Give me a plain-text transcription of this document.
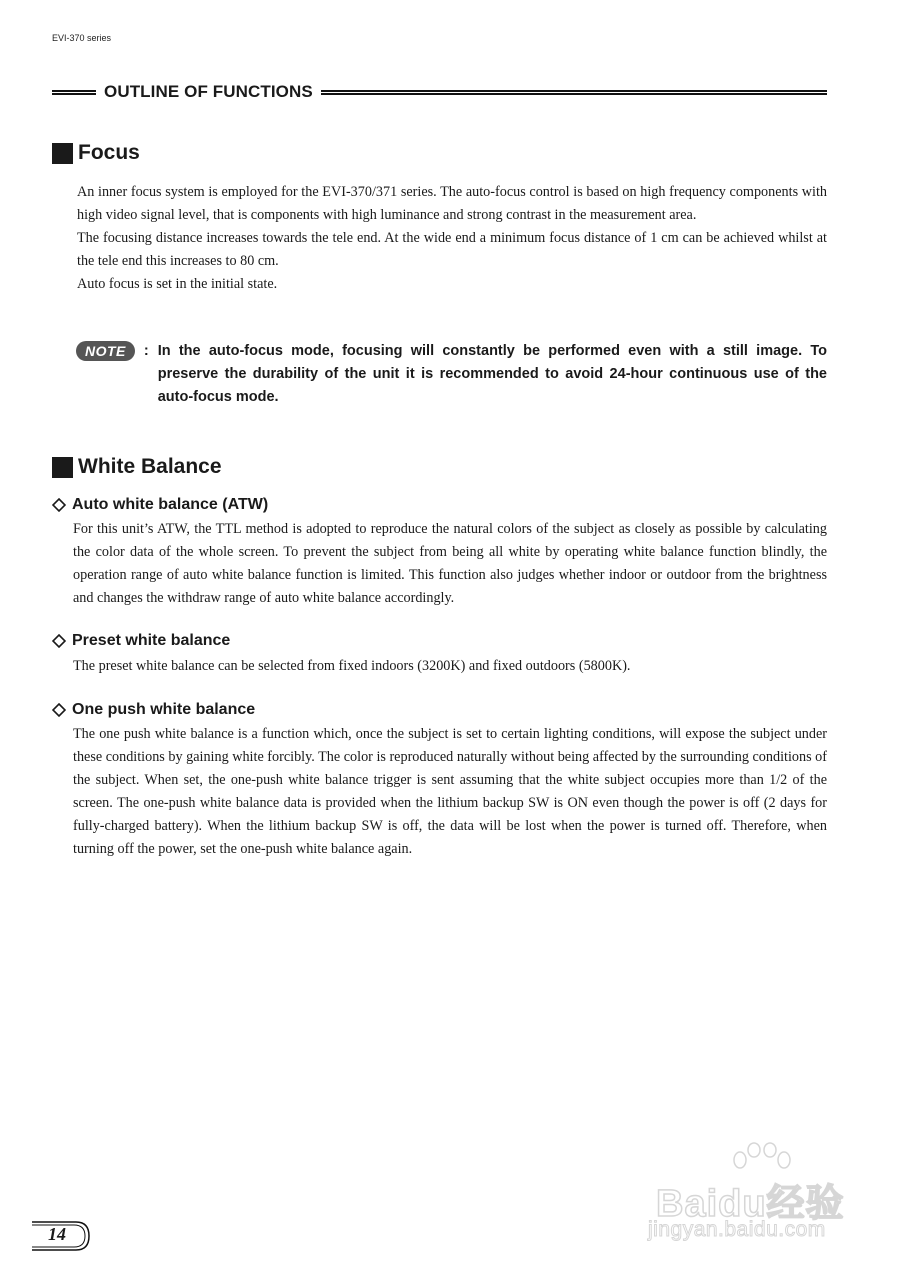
EVI-370 series
OUTLINE OF FUNCTIONS
Focus

An inner focus system is employed for the EVI-370/371 series. The auto-focus control is based on high frequency components with high video signal level, that is components with high luminance and strong contrast in the measurement area.

The focusing distance increases towards the tele end. At the wide end a minimum focus distance of 1 cm can be achieved whilst at the tele end this increases to 80 cm.

Auto focus is set in the initial state.

NOTE	: In the auto-focus mode, focusing will constantly be performed even with a still image. To preserve the durability of the unit it is recommended to avoid 24-hour continuous use of the auto-focus mode.
White Balance
Auto white balance (ATW)
For this unit’s ATW, the TTL method is adopted to reproduce the natural colors of the subject as closely as possible by calculating the color data of the whole screen. To prevent the subject from being all white by operating white balance function blindly, the operation range of auto white balance function is limited. This function also judges whether indoor or outdoor from the brightness and changes the withdraw range of auto white balance accordingly.
Preset white balance
The preset white balance can be selected from fixed indoors (3200K) and fixed outdoors (5800K).
One push white balance
The one push white balance is a function which, once the subject is set to certain lighting conditions, will expose the subject under these conditions by gaining white forcibly. The color is reproduced naturally without being affected by the surrounding conditions of the subject. When set, the one-push white balance trigger is sent assuming that the white subject occupies more than 1/2 of the screen. The one-push white balance data is provided when the lithium backup SW is ON even though the power is off (2 days for fully-charged battery). When the lithium backup SW is off, the data will be lost when the power is turned off. Therefore, when turning off the power, set the one-push white balance again.
Baidu经验
jingyan.baidu.com
14
